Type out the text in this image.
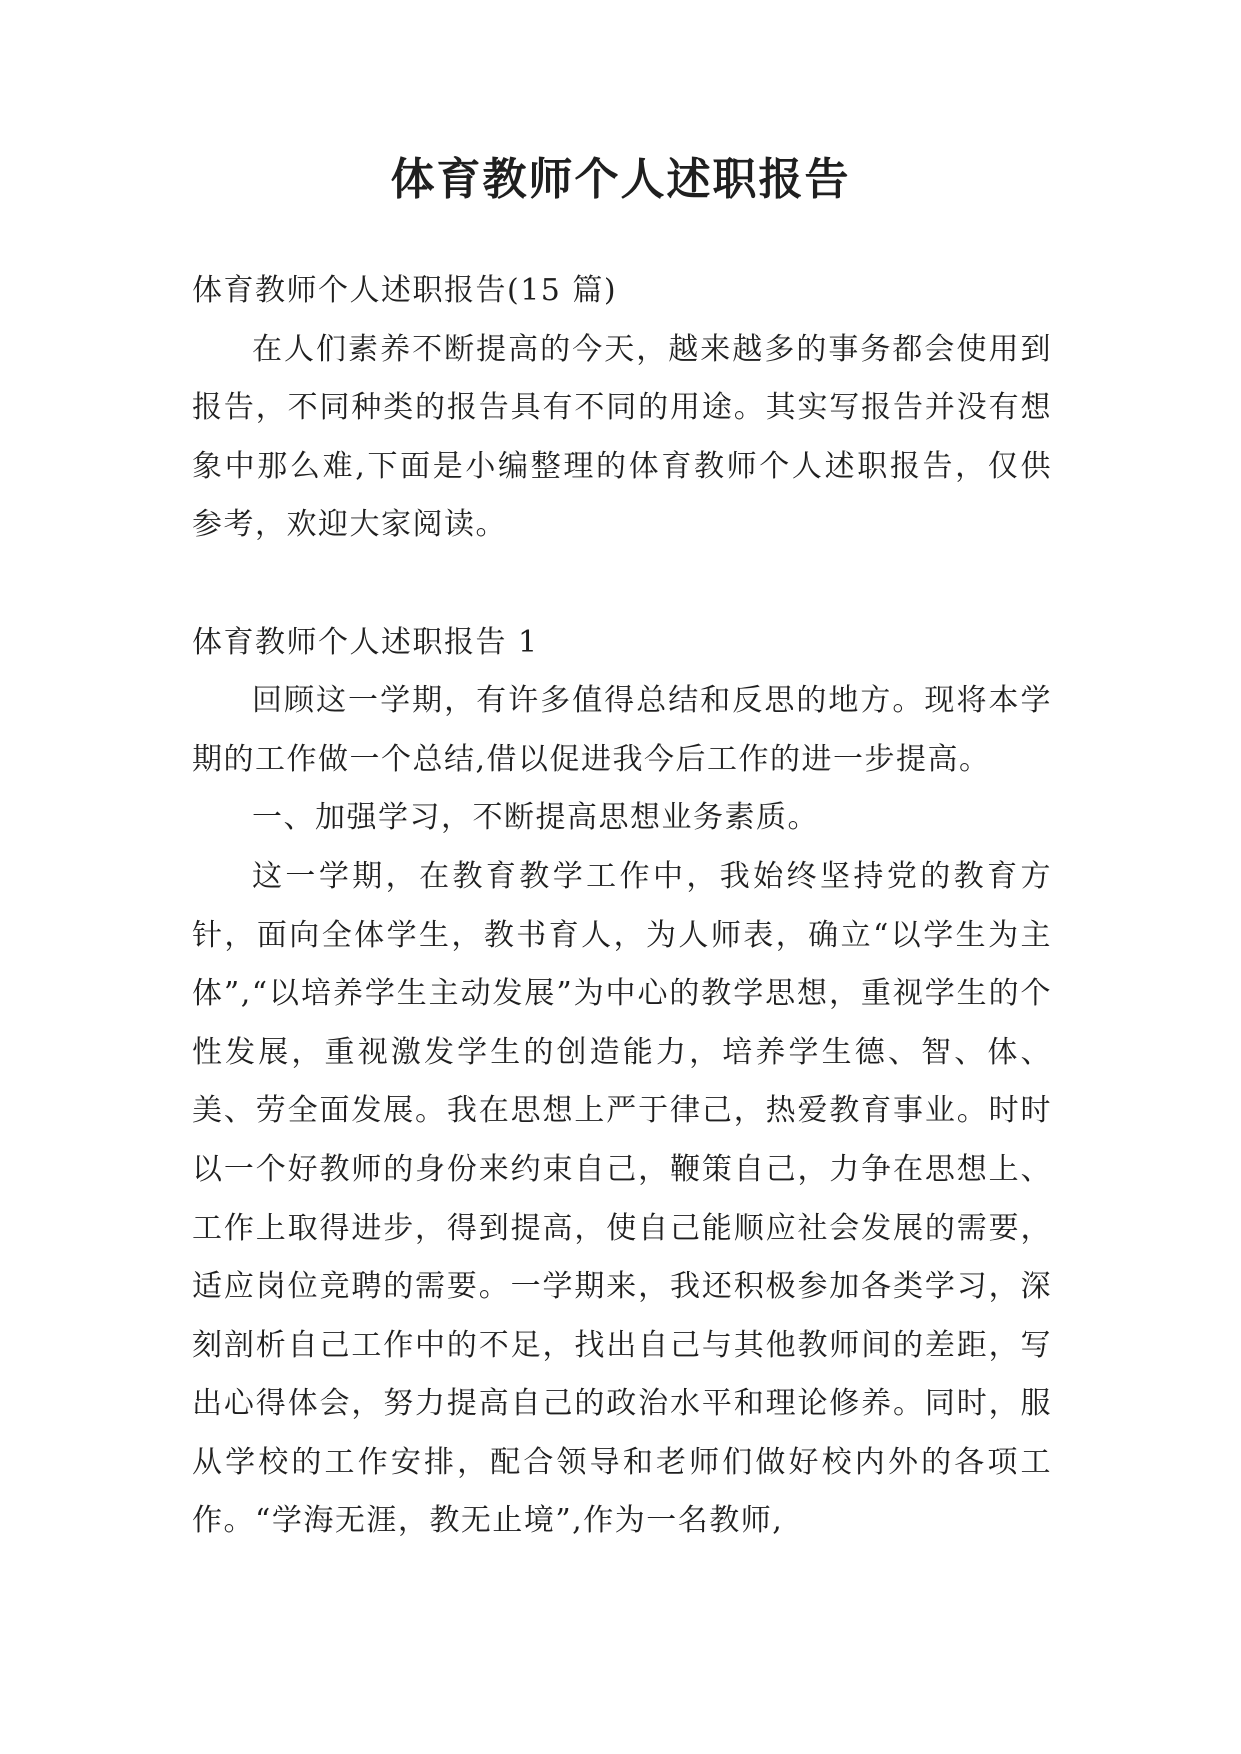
体育教师个人述职报告

体育教师个人述职报告(15 篇)

在人们素养不断提高的今天，越来越多的事务都会使用到报告，不同种类的报告具有不同的用途。其实写报告并没有想象中那么难,下面是小编整理的体育教师个人述职报告，仅供参考，欢迎大家阅读。

体育教师个人述职报告 1

回顾这一学期，有许多值得总结和反思的地方。现将本学期的工作做一个总结,借以促进我今后工作的进一步提高。

一、加强学习，不断提高思想业务素质。

这一学期，在教育教学工作中，我始终坚持党的教育方针，面向全体学生，教书育人，为人师表，确立“以学生为主体”,“以培养学生主动发展”为中心的教学思想，重视学生的个性发展，重视激发学生的创造能力，培养学生德、智、体、美、劳全面发展。我在思想上严于律己，热爱教育事业。时时以一个好教师的身份来约束自己，鞭策自己，力争在思想上、工作上取得进步，得到提高，使自己能顺应社会发展的需要，适应岗位竞聘的需要。一学期来，我还积极参加各类学习，深刻剖析自己工作中的不足，找出自己与其他教师间的差距，写出心得体会，努力提高自己的政治水平和理论修养。同时，服从学校的工作安排，配合领导和老师们做好校内外的各项工作。“学海无涯，教无止境”,作为一名教师,
